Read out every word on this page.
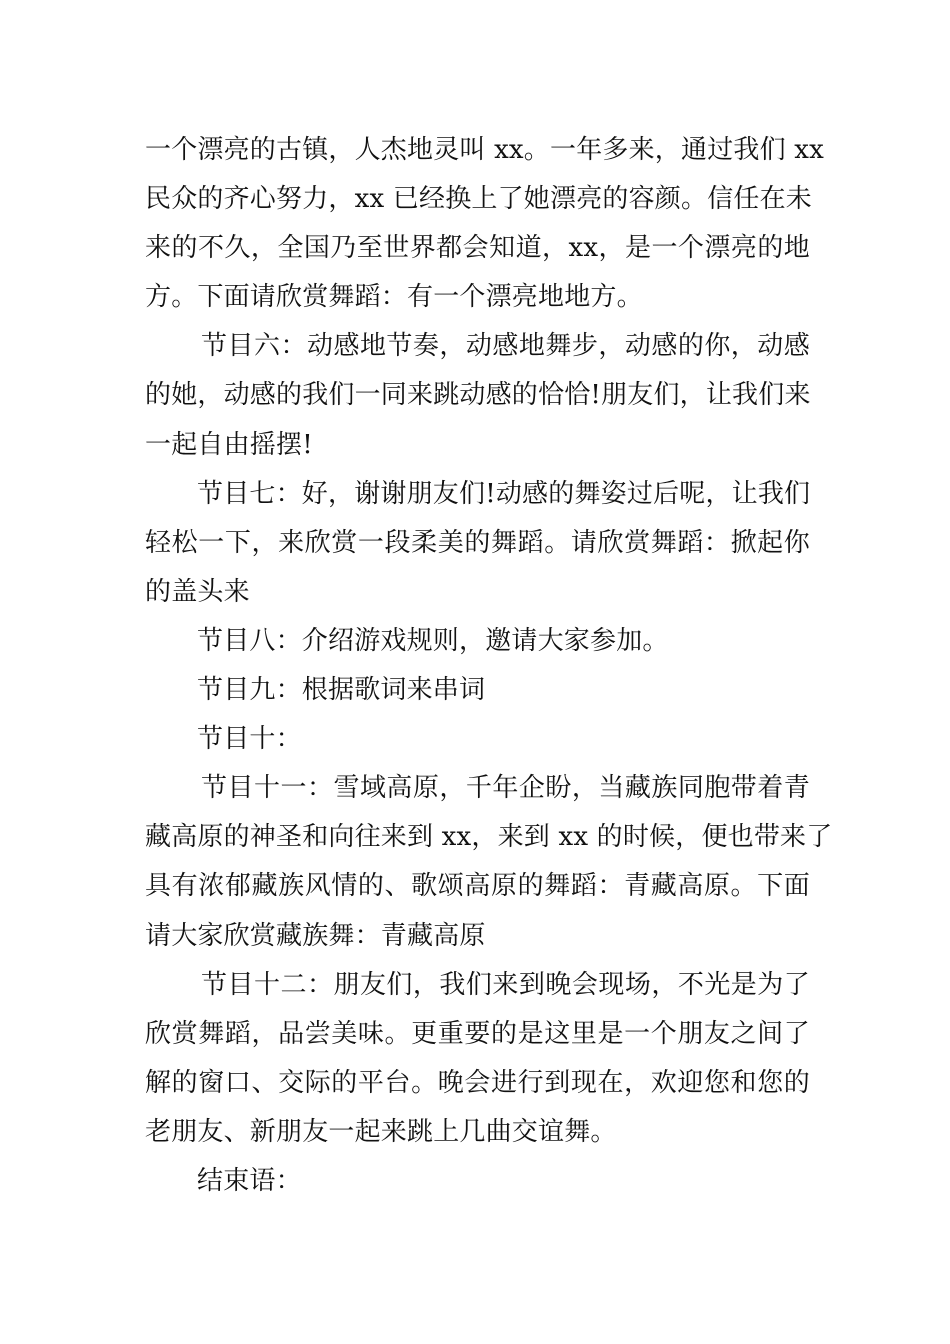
一个漂亮的古镇，人杰地灵叫 xx。一年多来，通过我们 xx
民众的齐心努力，xx 已经换上了她漂亮的容颜。信任在未
来的不久，全国乃至世界都会知道，xx，是一个漂亮的地
方。下面请欣赏舞蹈：有一个漂亮地地方。
节目六：动感地节奏，动感地舞步，动感的你，动感
的她，动感的我们一同来跳动感的恰恰!朋友们，让我们来
一起自由摇摆!
节目七：好，谢谢朋友们!动感的舞姿过后呢，让我们
轻松一下，来欣赏一段柔美的舞蹈。请欣赏舞蹈：掀起你
的盖头来
节目八：介绍游戏规则，邀请大家参加。
节目九：根据歌词来串词
节目十：
节目十一：雪域高原，千年企盼，当藏族同胞带着青
藏高原的神圣和向往来到 xx，来到 xx 的时候，便也带来了
具有浓郁藏族风情的、歌颂高原的舞蹈：青藏高原。下面
请大家欣赏藏族舞：青藏高原
节目十二：朋友们，我们来到晚会现场，不光是为了
欣赏舞蹈，品尝美味。更重要的是这里是一个朋友之间了
解的窗口、交际的平台。晚会进行到现在，欢迎您和您的
老朋友、新朋友一起来跳上几曲交谊舞。
结束语：
